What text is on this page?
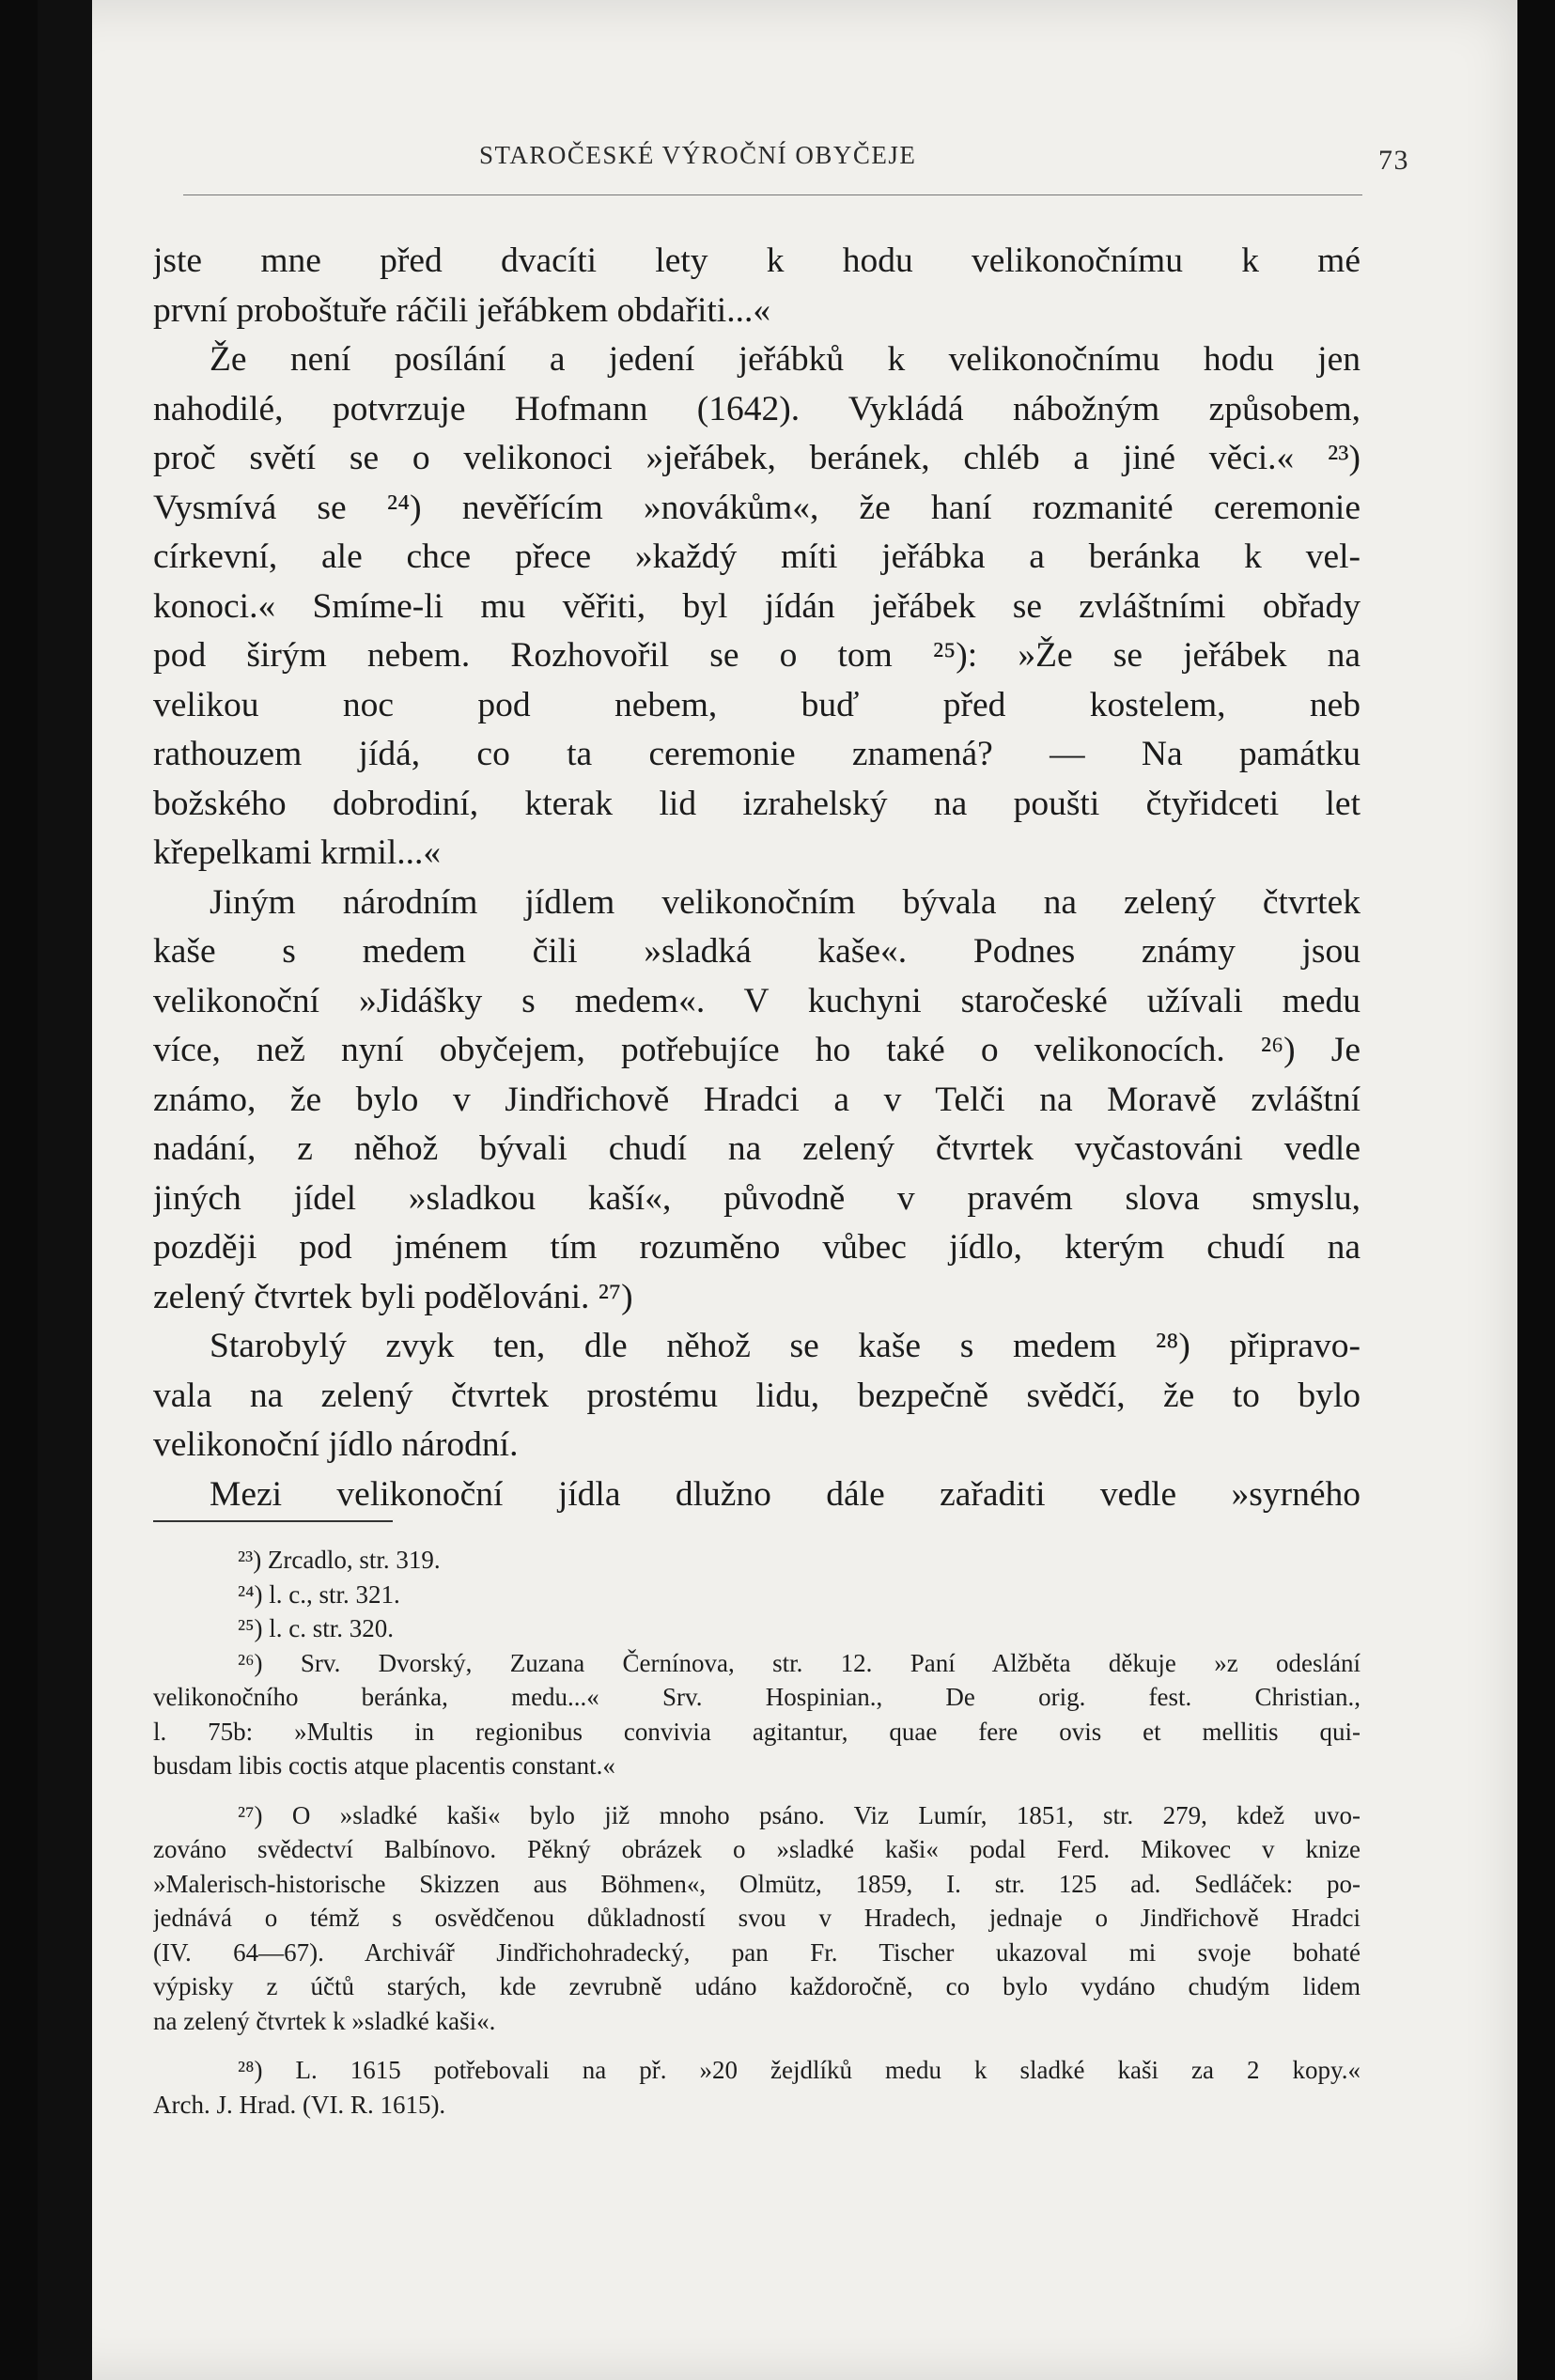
STAROČESKÉ VÝROČNÍ OBYČEJE	73
jste mne před dvacíti lety k hodu velikonočnímu k mé
první proboštuře ráčili jeřábkem obdařiti...«
Že není posílání a jedení jeřábků k velikonočnímu hodu jen
nahodilé, potvrzuje Hofmann (1642). Vykládá nábožným způsobem,
proč světí se o velikonoci »jeřábek, beránek, chléb a jiné věci.« ²³)
Vysmívá se ²⁴) nevěřícím »novákům«, že haní rozmanité ceremonie
církevní, ale chce přece »každý míti jeřábka a beránka k vel-
konoci.« Smíme-li mu věřiti, byl jídán jeřábek se zvláštními obřady
pod širým nebem. Rozhovořil se o tom ²⁵): »Že se jeřábek na
velikou noc pod nebem, buď před kostelem, neb
rathouzem jídá, co ta ceremonie znamená? — Na památku
božského dobrodiní, kterak lid izrahelský na poušti čtyřidceti let
křepelkami krmil...«
Jiným národním jídlem velikonočním bývala na zelený čtvrtek
kaše s medem čili »sladká kaše«. Podnes známy jsou
velikonoční »Jidášky s medem«. V kuchyni staročeské užívali medu
více, než nyní obyčejem, potřebujíce ho také o velikonocích. ²⁶) Je
známo, že bylo v Jindřichově Hradci a v Telči na Moravě zvláštní
nadání, z něhož bývali chudí na zelený čtvrtek vyčastováni vedle
jiných jídel »sladkou kaší«, původně v pravém slova smyslu,
později pod jménem tím rozuměno vůbec jídlo, kterým chudí na
zelený čtvrtek byli podělováni. ²⁷)
Starobylý zvyk ten, dle něhož se kaše s medem ²⁸) připravo-
vala na zelený čtvrtek prostému lidu, bezpečně svědčí, že to bylo
velikonoční jídlo národní.
Mezi velikonoční jídla dlužno dále zařaditi vedle »syrného
²³) Zrcadlo, str. 319.
²⁴) l. c., str. 321.
²⁵) l. c. str. 320.
²⁶) Srv. Dvorský, Zuzana Černínova, str. 12. Paní Alžběta děkuje »z odeslání
velikonočního beránka, medu...« Srv. Hospinian., De orig. fest. Christian.,
l. 75b: »Multis in regionibus convivia agitantur, quae fere ovis et mellitis qui-
busdam libis coctis atque placentis constant.«
²⁷) O »sladké kaši« bylo již mnoho psáno. Viz Lumír, 1851, str. 279, kdež uvo-
zováno svědectví Balbínovo. Pěkný obrázek o »sladké kaši« podal Ferd. Mikovec v knize
»Malerisch-historische Skizzen aus Böhmen«, Olmütz, 1859, I. str. 125 ad. Sedláček: po-
jednává o témž s osvědčenou důkladností svou v Hradech, jednaje o Jindřichově Hradci
(IV. 64—67). Archivář Jindřichohradecký, pan Fr. Tischer ukazoval mi svoje bohaté
výpisky z účtů starých, kde zevrubně udáno každoročně, co bylo vydáno chudým lidem
na zelený čtvrtek k »sladké kaši«.
²⁸) L. 1615 potřebovali na př. »20 žejdlíků medu k sladké kaši za 2 kopy.«
Arch. J. Hrad. (VI. R. 1615).
